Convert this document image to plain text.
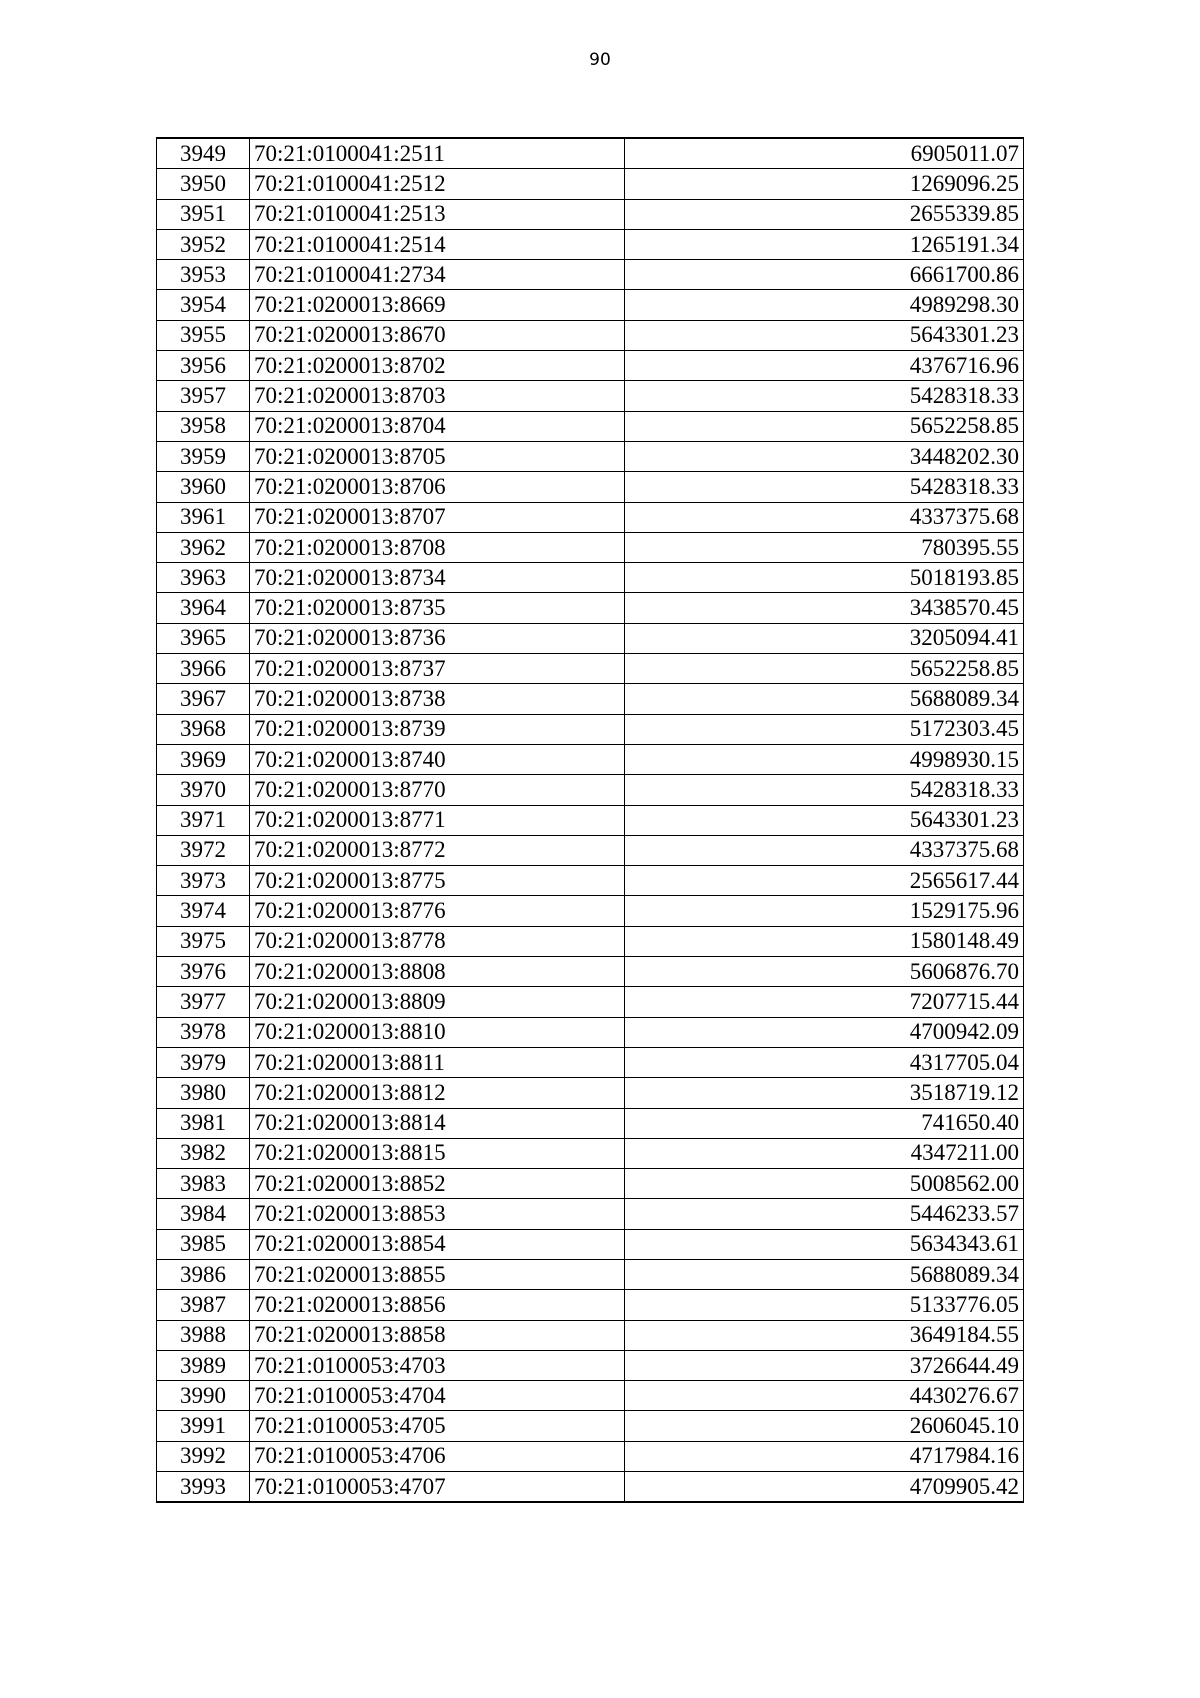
90
3949	70:21:0100041:2511	6905011.07
3950	70:21:0100041:2512	1269096.25
3951	70:21:0100041:2513	2655339.85
3952	70:21:0100041:2514	1265191.34
3953	70:21:0100041:2734	6661700.86
3954	70:21:0200013:8669	4989298.30
3955	70:21:0200013:8670	5643301.23
3956	70:21:0200013:8702	4376716.96
3957	70:21:0200013:8703	5428318.33
3958	70:21:0200013:8704	5652258.85
3959	70:21:0200013:8705	3448202.30
3960	70:21:0200013:8706	5428318.33
3961	70:21:0200013:8707	4337375.68
3962	70:21:0200013:8708	780395.55
3963	70:21:0200013:8734	5018193.85
3964	70:21:0200013:8735	3438570.45
3965	70:21:0200013:8736	3205094.41
3966	70:21:0200013:8737	5652258.85
3967	70:21:0200013:8738	5688089.34
3968	70:21:0200013:8739	5172303.45
3969	70:21:0200013:8740	4998930.15
3970	70:21:0200013:8770	5428318.33
3971	70:21:0200013:8771	5643301.23
3972	70:21:0200013:8772	4337375.68
3973	70:21:0200013:8775	2565617.44
3974	70:21:0200013:8776	1529175.96
3975	70:21:0200013:8778	1580148.49
3976	70:21:0200013:8808	5606876.70
3977	70:21:0200013:8809	7207715.44
3978	70:21:0200013:8810	4700942.09
3979	70:21:0200013:8811	4317705.04
3980	70:21:0200013:8812	3518719.12
3981	70:21:0200013:8814	741650.40
3982	70:21:0200013:8815	4347211.00
3983	70:21:0200013:8852	5008562.00
3984	70:21:0200013:8853	5446233.57
3985	70:21:0200013:8854	5634343.61
3986	70:21:0200013:8855	5688089.34
3987	70:21:0200013:8856	5133776.05
3988	70:21:0200013:8858	3649184.55
3989	70:21:0100053:4703	3726644.49
3990	70:21:0100053:4704	4430276.67
3991	70:21:0100053:4705	2606045.10
3992	70:21:0100053:4706	4717984.16
3993	70:21:0100053:4707	4709905.42
